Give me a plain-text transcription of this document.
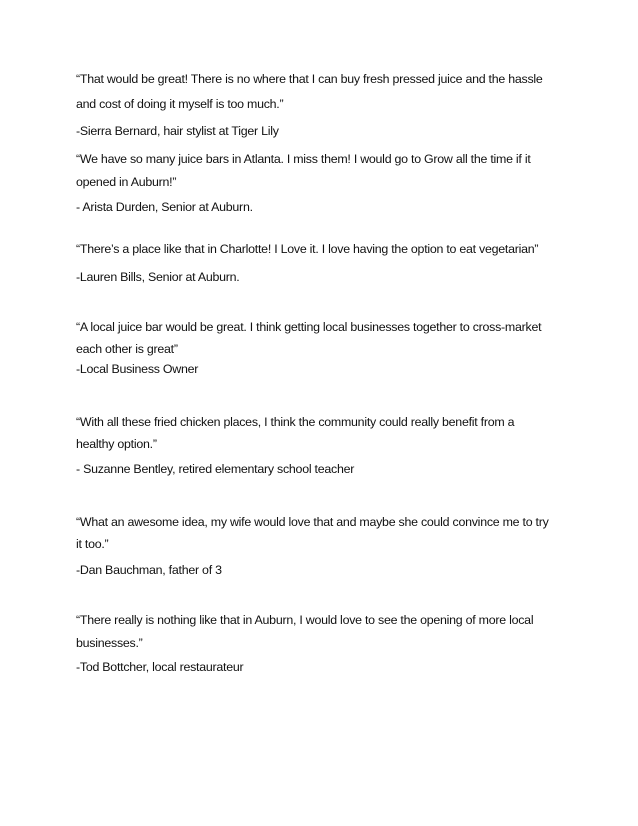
“That would be great! There is no where that I can buy fresh pressed juice and the hassle
and cost of doing it myself is too much.”
-Sierra Bernard, hair stylist at Tiger Lily
“We have so many juice bars in Atlanta. I miss them! I would go to Grow all the time if it
opened in Auburn!”
- Arista Durden, Senior at Auburn.
“There’s a place like that in Charlotte! I Love it. I love having the option to eat vegetarian”
-Lauren Bills, Senior at Auburn.
“A local juice bar would be great. I think getting local businesses together to cross-market
each other is great”
-Local Business Owner
“With all these fried chicken places, I think the community could really benefit from a
healthy option.”
- Suzanne Bentley, retired elementary school teacher
“What an awesome idea, my wife would love that and maybe she could convince me to try
it too.”
-Dan Bauchman, father of 3
“There really is nothing like that in Auburn, I would love to see the opening of more local
businesses.”
-Tod Bottcher, local restaurateur
